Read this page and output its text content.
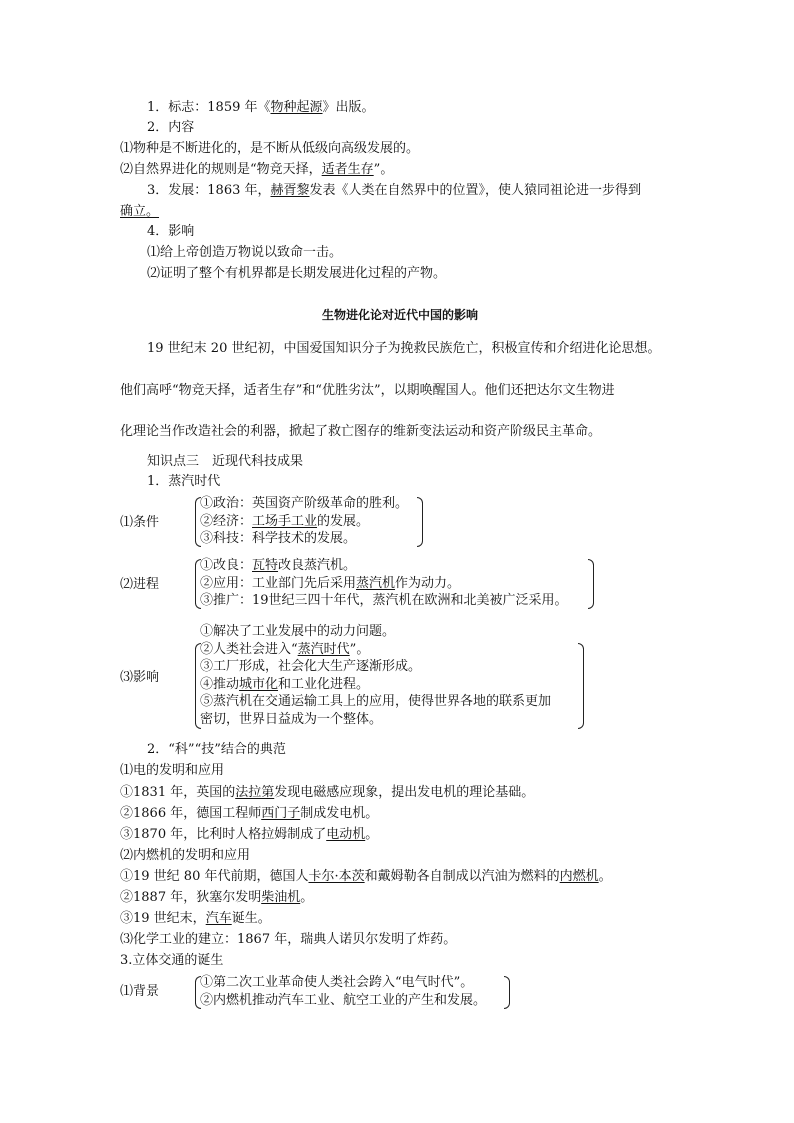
1．标志：1859 年《物种起源》出版。
2．内容
⑴物种是不断进化的，是不断从低级向高级发展的。
⑵自然界进化的规则是“物竞天择，适者生存”。
3．发展：1863 年，赫胥黎发表《人类在自然界中的位置》，使人猿同祖论进一步得到
确立。
4．影响
⑴给上帝创造万物说以致命一击。
⑵证明了整个有机界都是长期发展进化过程的产物。
生物进化论对近代中国的影响
19 世纪末 20 世纪初，中国爱国知识分子为挽救民族危亡，积极宣传和介绍进化论思想。
他们高呼“物竞天择，适者生存”和“优胜劣汰”，以期唤醒国人。他们还把达尔文生物进
化理论当作改造社会的利器，掀起了救亡图存的维新变法运动和资产阶级民主革命。
知识点三　近现代科技成果
1．蒸汽时代
⑴条件
①政治：英国资产阶级革命的胜利。
②经济：工场手工业的发展。
③科技：科学技术的发展。
⑵进程
①改良：瓦特改良蒸汽机。
②应用：工业部门先后采用蒸汽机作为动力。
③推广：19世纪三四十年代，蒸汽机在欧洲和北美被广泛采用。
⑶影响
①解决了工业发展中的动力问题。
②人类社会进入“蒸汽时代”。
③工厂形成，社会化大生产逐渐形成。
④推动城市化和工业化进程。
⑤蒸汽机在交通运输工具上的应用，使得世界各地的联系更加
密切，世界日益成为一个整体。
2．“科”“技”结合的典范
⑴电的发明和应用
①1831 年，英国的法拉第发现电磁感应现象，提出发电机的理论基础。
②1866 年，德国工程师西门子制成发电机。
③1870 年，比利时人格拉姆制成了电动机。
⑵内燃机的发明和应用
①19 世纪 80 年代前期，德国人卡尔·本茨和戴姆勒各自制成以汽油为燃料的内燃机。
②1887 年，狄塞尔发明柴油机。
③19 世纪末，汽车诞生。
⑶化学工业的建立：1867 年，瑞典人诺贝尔发明了炸药。
3.立体交通的诞生
⑴背景
①第二次工业革命使人类社会跨入“电气时代”。
②内燃机推动汽车工业、航空工业的产生和发展。
